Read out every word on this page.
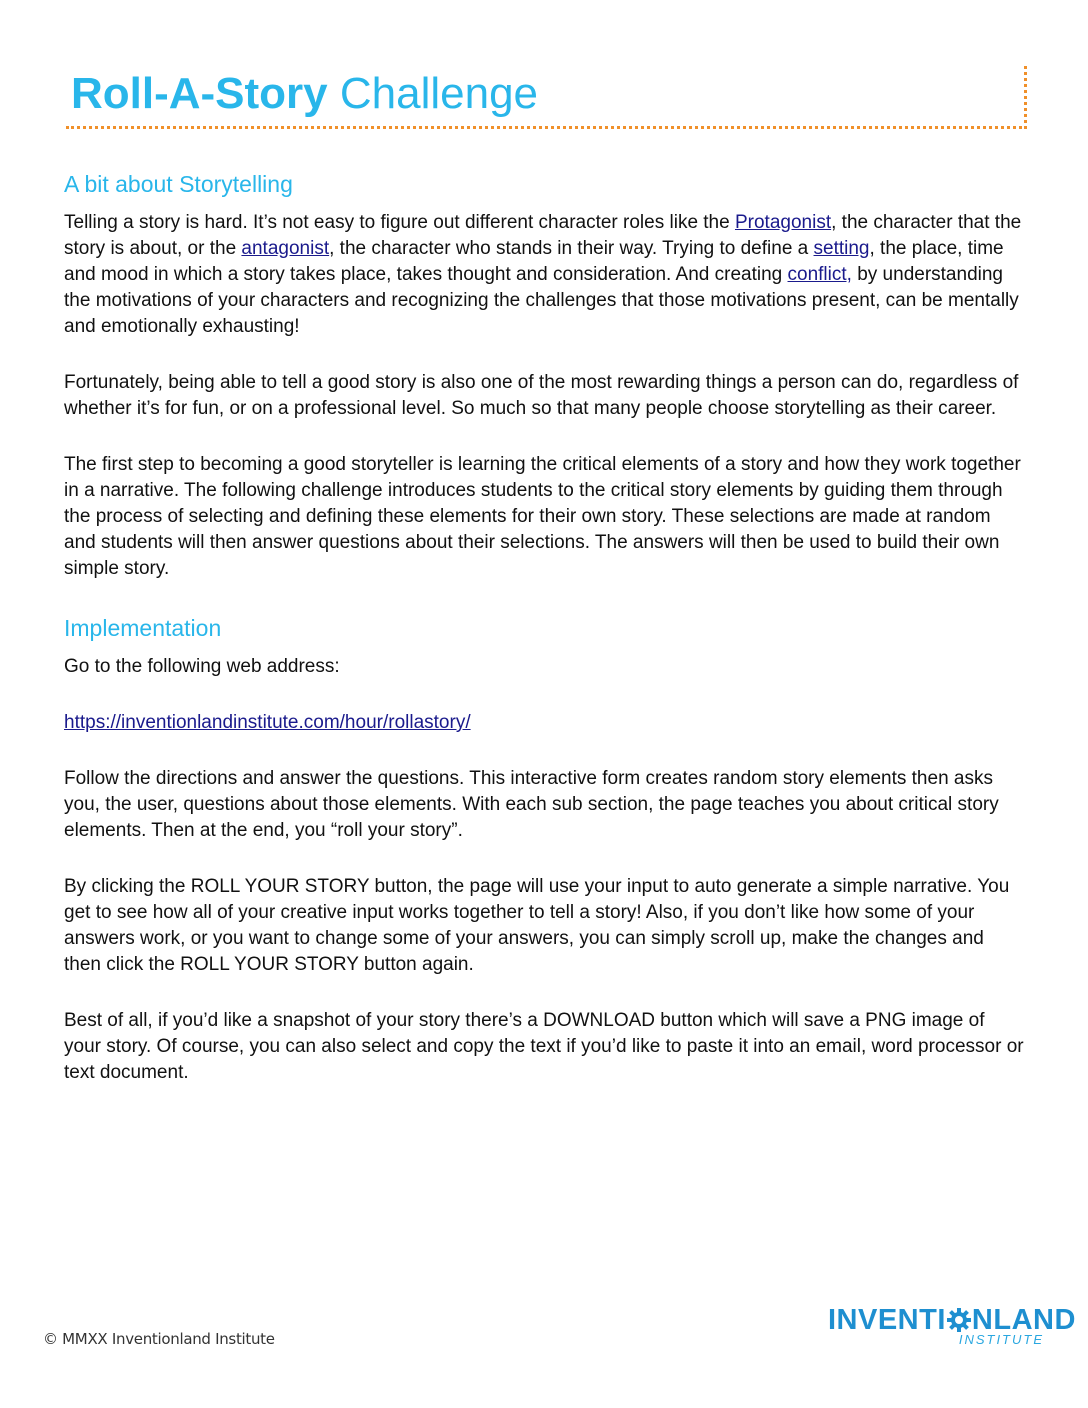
Roll-A-Story Challenge
A bit about Storytelling

Telling a story is hard. It’s not easy to figure out different character roles like the Protagonist, the character that the story is about, or the antagonist, the character who stands in their way. Trying to define a setting, the place, time and mood in which a story takes place, takes thought and consideration. And creating conflict, by understanding the motivations of your characters and recognizing the challenges that those motivations present, can be mentally and emotionally exhausting!

Fortunately, being able to tell a good story is also one of the most rewarding things a person can do, regardless of whether it’s for fun, or on a professional level. So much so that many people choose storytelling as their career.

The first step to becoming a good storyteller is learning the critical elements of a story and how they work together in a narrative. The following challenge introduces students to the critical story elements by guiding them through the process of selecting and defining these elements for their own story. These selections are made at random and students will then answer questions about their selections. The answers will then be used to build their own simple story.

Implementation

Go to the following web address:

https://inventionlandinstitute.com/hour/rollastory/

Follow the directions and answer the questions. This interactive form creates random story elements then asks you, the user, questions about those elements. With each sub section, the page teaches you about critical story elements. Then at the end, you “roll your story”.

By clicking the ROLL YOUR STORY button, the page will use your input to auto generate a simple narrative. You get to see how all of your creative input works together to tell a story! Also, if you don’t like how some of your answers work, or you want to change some of your answers, you can simply scroll up, make the changes and then click the ROLL YOUR STORY button again.

Best of all, if you’d like a snapshot of your story there’s a DOWNLOAD button which will save a PNG image of your story. Of course, you can also select and copy the text if you’d like to paste it into an email, word processor or text document.

© MMXX Inventionland Institute
INVENTI NLAND
INSTITUTE
